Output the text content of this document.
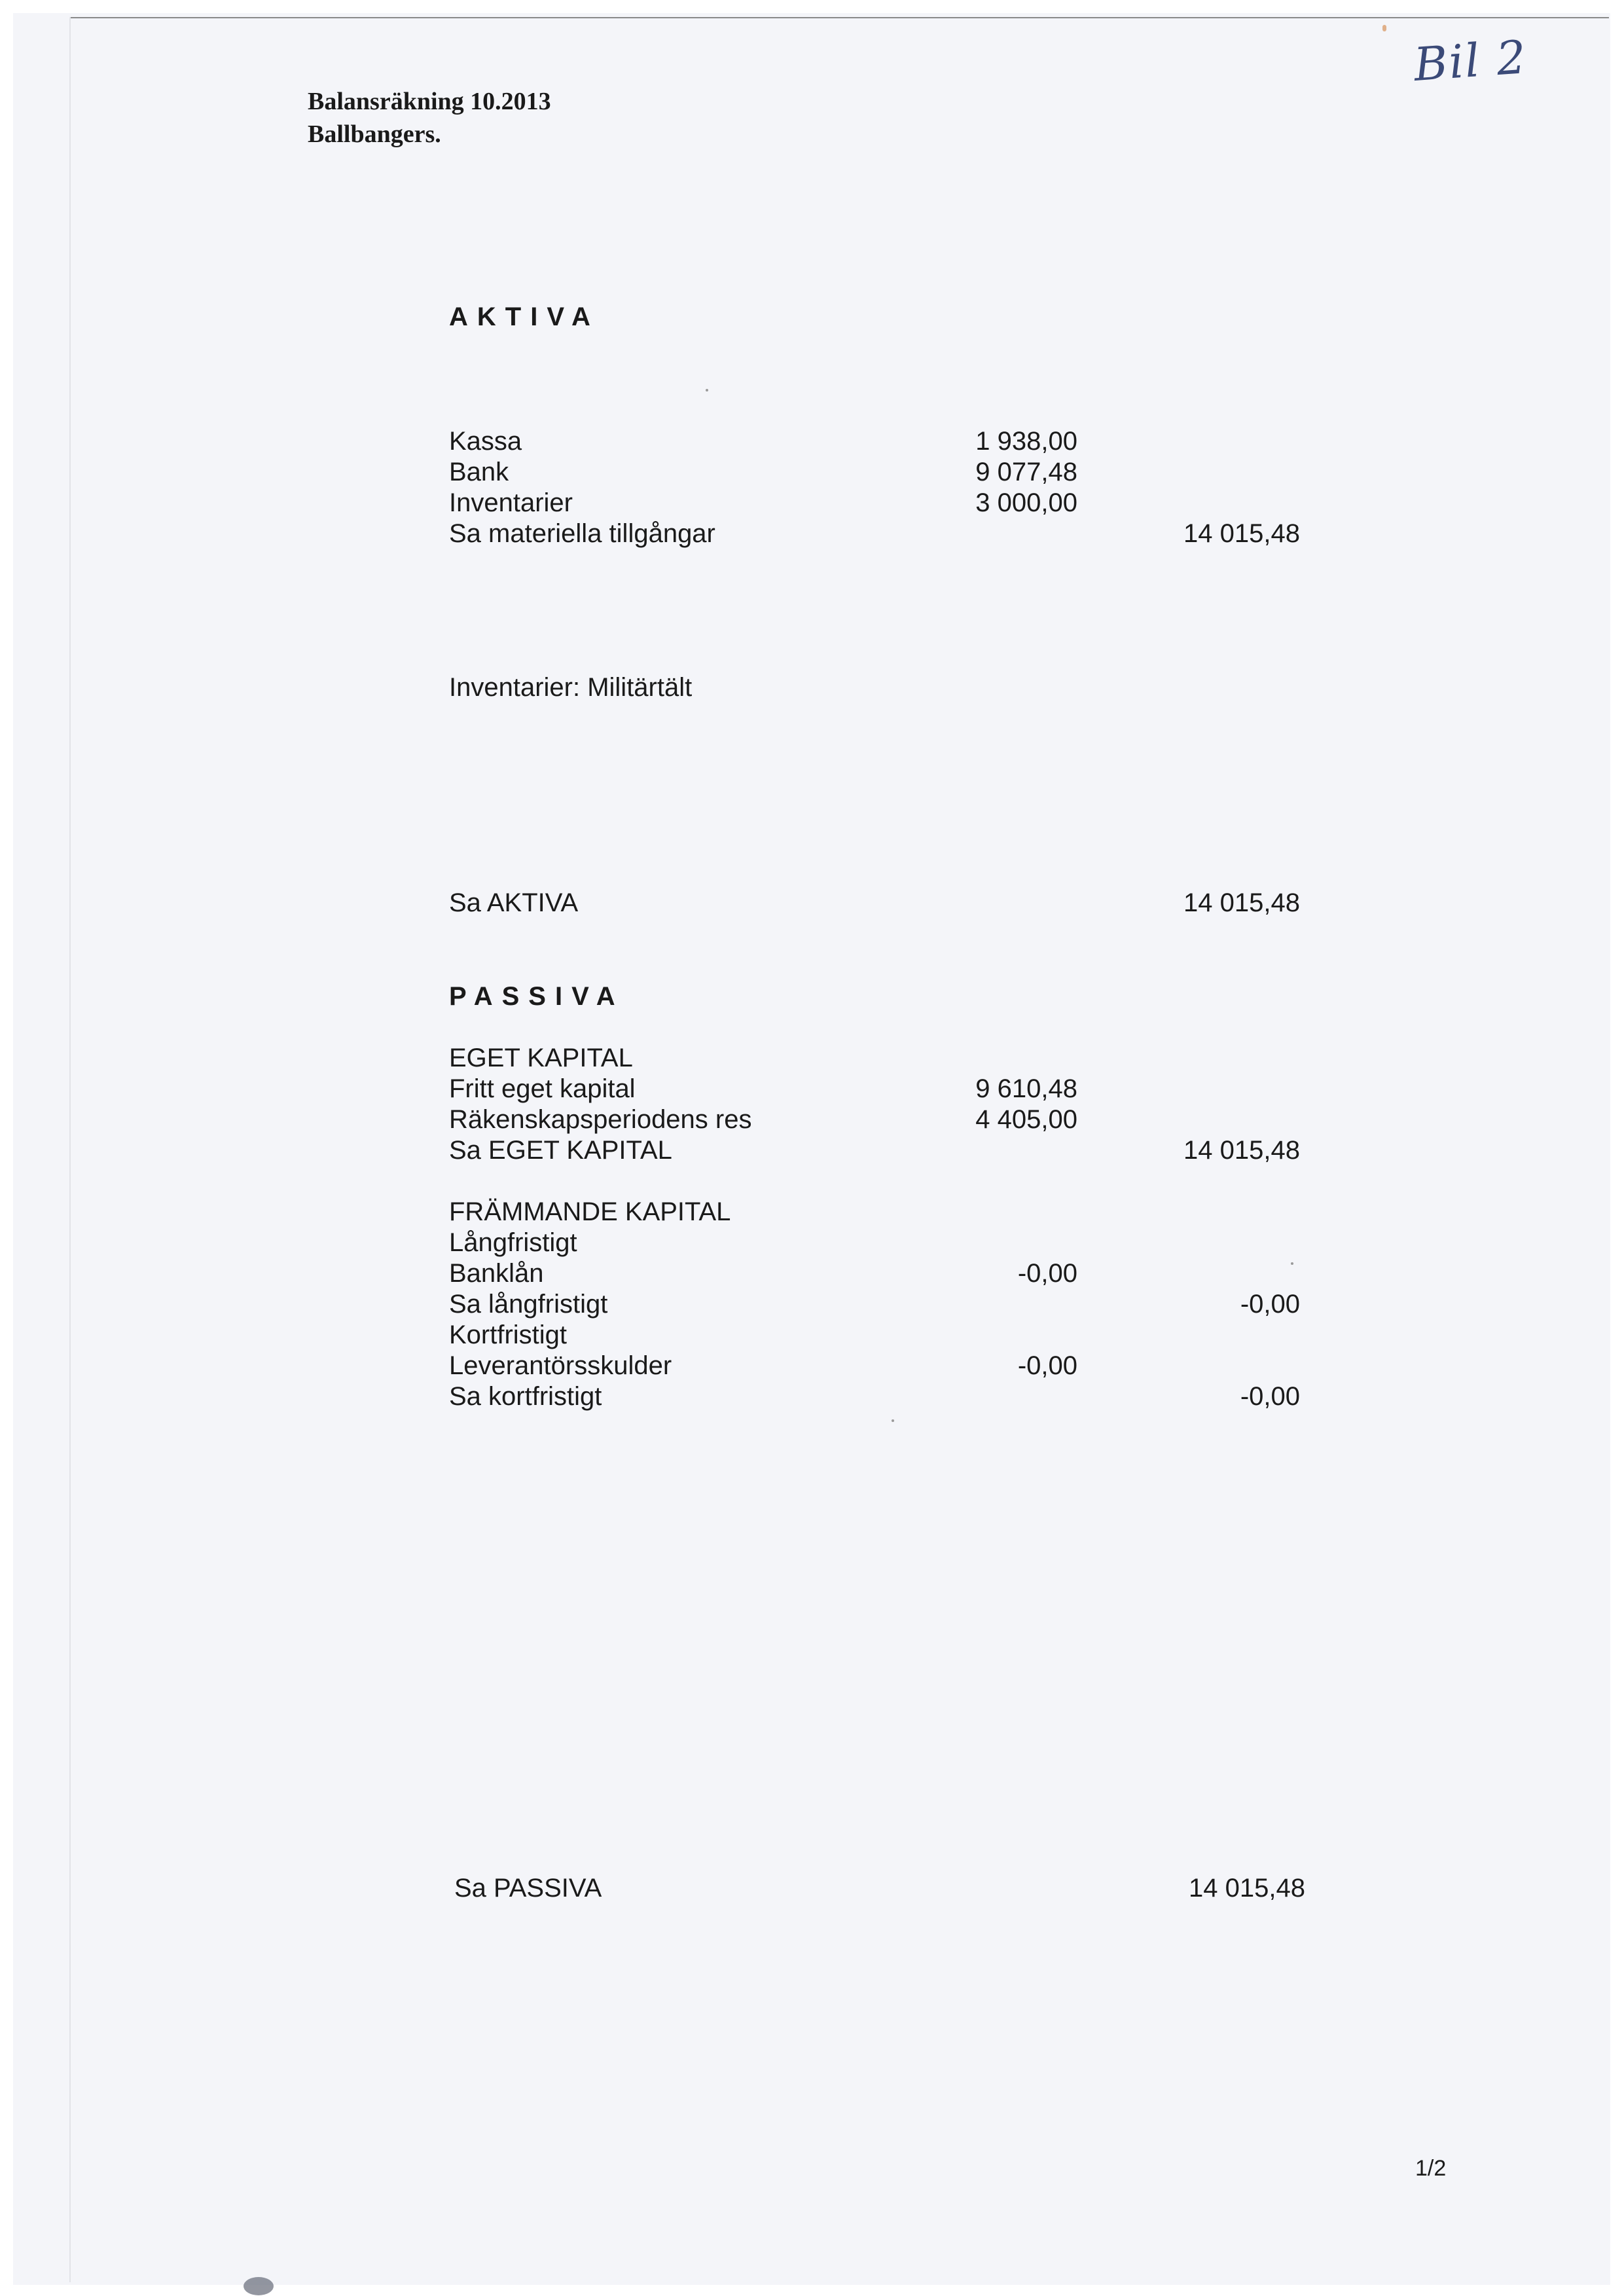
Balansräkning 10.2013
Ballbangers.
Bil 2
AKTIVA
Kassa	1 938,00
Bank	9 077,48
Inventarier	3 000,00
Sa materiella tillgångar	14 015,48
Inventarier: Militärtält
Sa AKTIVA	14 015,48
PASSIVA
EGET KAPITAL
Fritt eget kapital	9 610,48
Räkenskapsperiodens res	4 405,00
Sa EGET KAPITAL	14 015,48
FRÄMMANDE KAPITAL
Långfristigt
Banklån	-0,00
Sa långfristigt	-0,00
Kortfristigt
Leverantörsskulder	-0,00
Sa kortfristigt	-0,00
Sa PASSIVA	14 015,48
1/2
